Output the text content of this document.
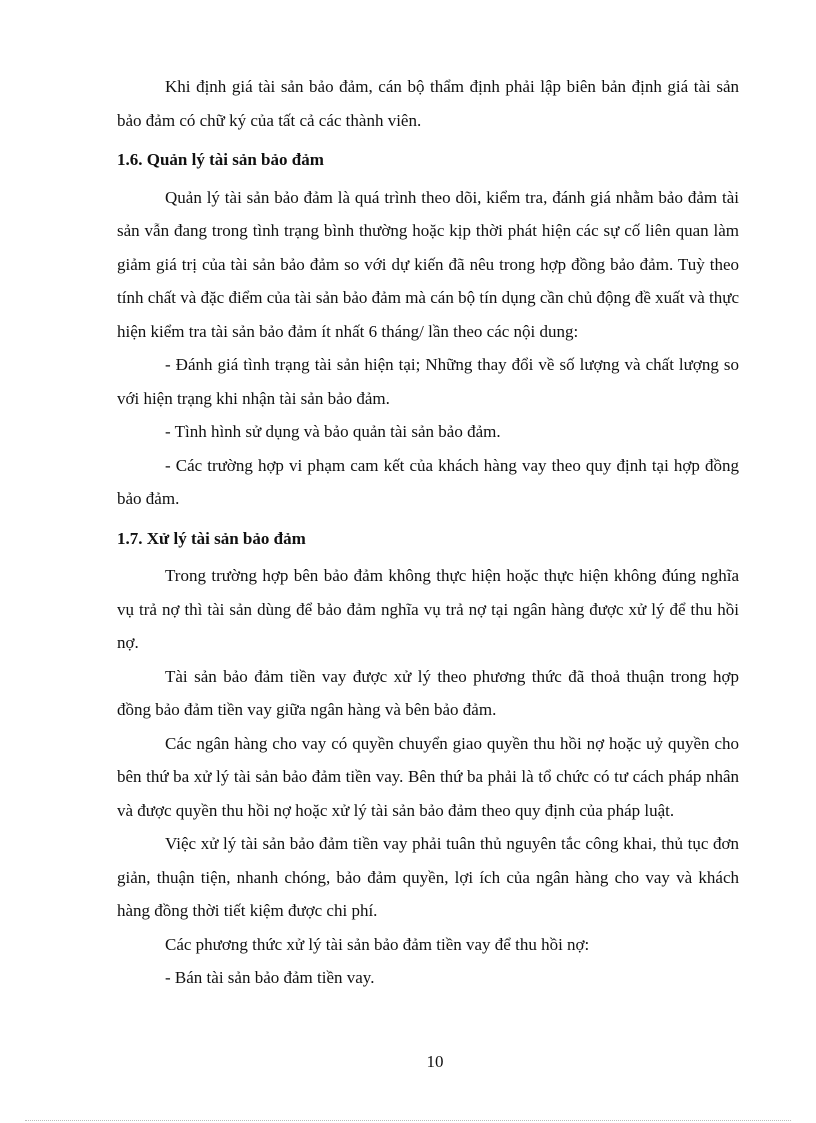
Khi định giá tài sản bảo đảm, cán bộ thẩm định phải lập biên bản định giá tài sản bảo đảm có chữ ký của tất cả các thành viên.

1.6. Quản lý tài sản bảo đảm

Quản lý tài sản bảo đảm là quá trình theo dõi, kiểm tra, đánh giá nhằm bảo đảm tài sản vẫn đang trong tình trạng bình thường hoặc kịp thời phát hiện các sự cố liên quan làm giảm giá trị của tài sản bảo đảm so với dự kiến đã nêu trong hợp đồng bảo đảm. Tuỳ theo tính chất và đặc điểm của tài sản bảo đảm mà cán bộ tín dụng cần chủ động đề xuất và thực hiện kiểm tra tài sản bảo đảm ít nhất 6 tháng/ lần theo các nội dung:

- Đánh giá tình trạng tài sản hiện tại; Những thay đổi về số lượng và chất lượng so với hiện trạng khi nhận tài sản bảo đảm.

- Tình hình sử dụng và bảo quản tài sản bảo đảm.

- Các trường hợp vi phạm cam kết của khách hàng vay theo quy định tại hợp đồng bảo đảm.

1.7. Xử lý tài sản bảo đảm

Trong trường hợp bên bảo đảm không thực hiện hoặc thực hiện không đúng nghĩa vụ trả nợ thì tài sản dùng để bảo đảm nghĩa vụ trả nợ tại ngân hàng được xử lý để thu hồi nợ.

Tài sản bảo đảm tiền vay được xử lý theo phương thức đã thoả thuận trong hợp đồng bảo đảm tiền vay giữa ngân hàng và bên bảo đảm.

Các ngân hàng cho vay có quyền chuyển giao quyền thu hồi nợ hoặc uỷ quyền cho bên thứ ba xử lý tài sản bảo đảm tiền vay. Bên thứ ba phải là tổ chức có tư cách pháp nhân và được quyền thu hồi nợ hoặc xử lý tài sản bảo đảm theo quy định của pháp luật.

Việc xử lý tài sản bảo đảm tiền vay phải tuân thủ nguyên tắc công khai, thủ tục đơn giản, thuận tiện, nhanh chóng, bảo đảm quyền, lợi ích của ngân hàng cho vay và khách hàng đồng thời tiết kiệm được chi phí.

Các phương thức xử lý tài sản bảo đảm tiền vay để thu hồi nợ:

- Bán tài sản bảo đảm tiền vay.

10
